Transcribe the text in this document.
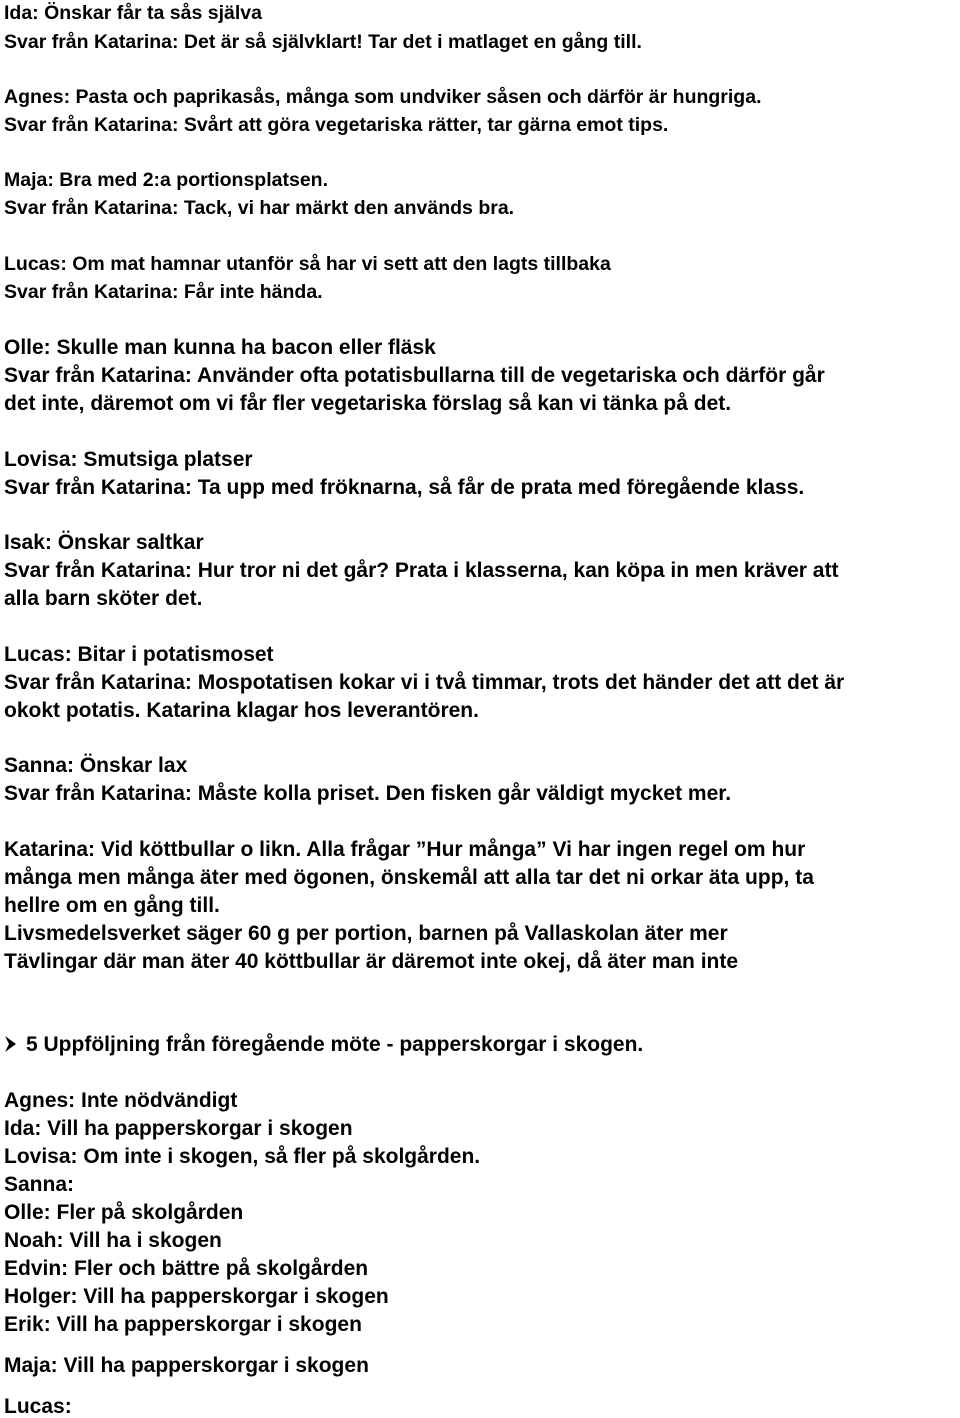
Ida: Önskar får ta sås själva
Svar från Katarina: Det är så självklart! Tar det i matlaget en gång till.
Agnes: Pasta och paprikasås, många som undviker såsen och därför är hungriga.
Svar från Katarina: Svårt att göra vegetariska rätter, tar gärna emot tips.
Maja: Bra med 2:a portionsplatsen.
Svar från Katarina: Tack, vi har märkt den används bra.
Lucas: Om mat hamnar utanför så har vi sett att den lagts tillbaka
Svar från Katarina: Får inte hända.
Olle: Skulle man kunna ha bacon eller fläsk
Svar från Katarina: Använder ofta potatisbullarna till de vegetariska och därför går
det inte, däremot om vi får fler vegetariska förslag så kan vi tänka på det.
Lovisa: Smutsiga platser
Svar från Katarina: Ta upp med fröknarna, så får de prata med föregående klass.
Isak: Önskar saltkar
Svar från Katarina: Hur tror ni det går? Prata i klasserna, kan köpa in men kräver att
alla barn sköter det.
Lucas: Bitar i potatismoset
Svar från Katarina: Mospotatisen kokar vi i två timmar, trots det händer det att det är
okokt potatis. Katarina klagar hos leverantören.
Sanna: Önskar lax
Svar från Katarina: Måste kolla priset. Den fisken går väldigt mycket mer.
Katarina: Vid köttbullar o likn. Alla frågar ”Hur många” Vi har ingen regel om hur
många men många äter med ögonen, önskemål att alla tar det ni orkar äta upp, ta
hellre om en gång till.
Livsmedelsverket säger 60 g per portion, barnen på Vallaskolan äter mer
Tävlingar där man äter 40 köttbullar är däremot inte okej, då äter man inte
5 Uppföljning från föregående möte - papperskorgar i skogen.
Agnes: Inte nödvändigt
Ida: Vill ha papperskorgar i skogen
Lovisa: Om inte i skogen, så fler på skolgården.
Sanna:
Olle: Fler på skolgården
Noah: Vill ha i skogen
Edvin: Fler och bättre på skolgården
Holger: Vill ha papperskorgar i skogen
Erik: Vill ha papperskorgar i skogen
Maja: Vill ha papperskorgar i skogen
Lucas:
